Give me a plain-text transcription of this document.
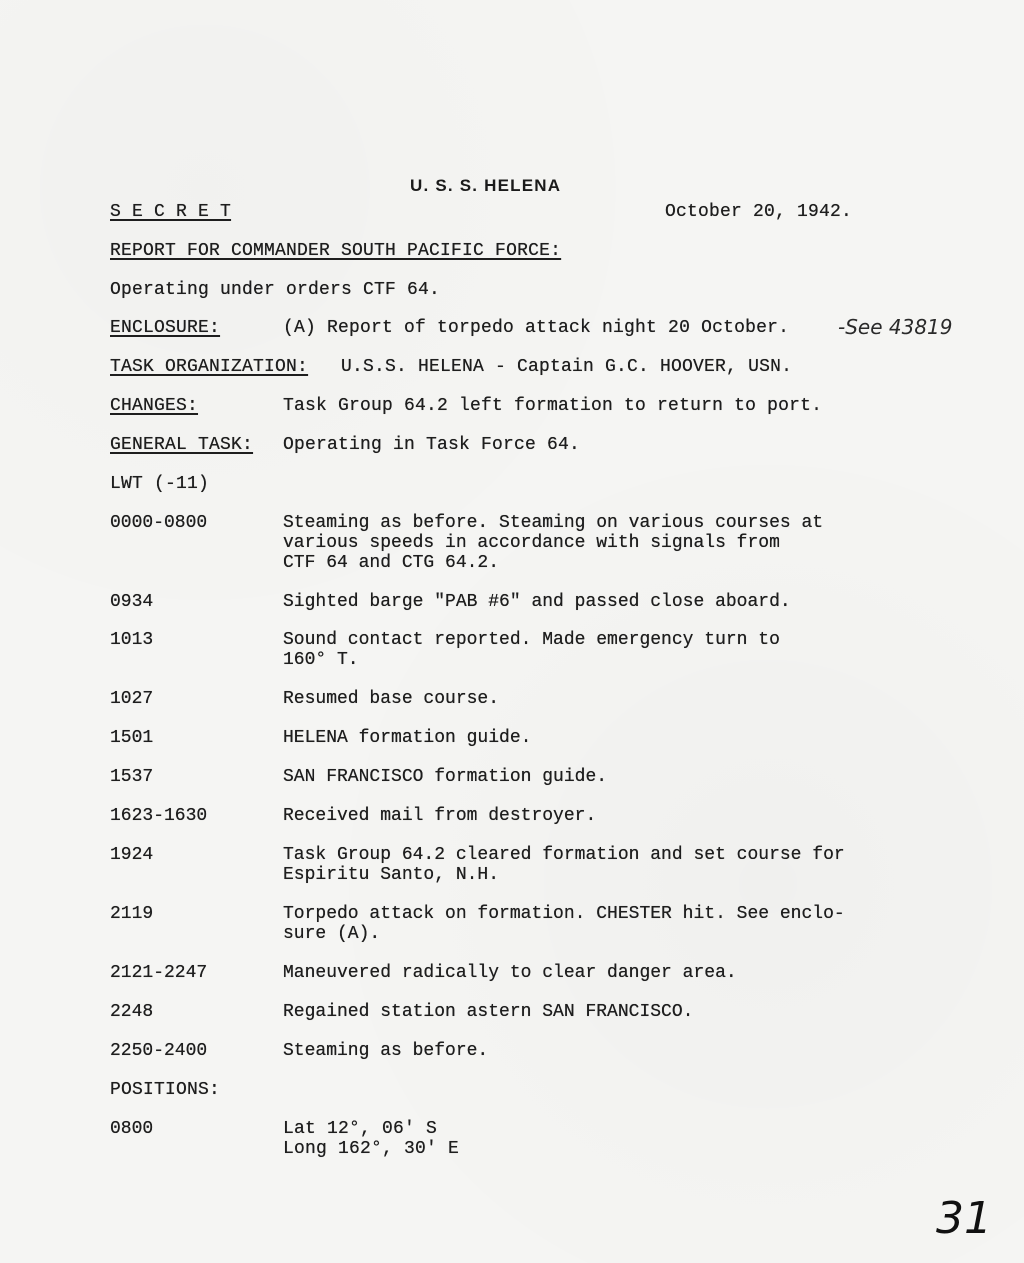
U. S. S. HELENA
S E C R E T	October 20, 1942.
REPORT FOR COMMANDER SOUTH PACIFIC FORCE:
Operating under orders CTF 64.
ENCLOSURE:	(A) Report of torpedo attack night 20 October. -See 43819
TASK ORGANIZATION: U.S.S. HELENA - Captain G.C. HOOVER, USN.
CHANGES:	Task Group 64.2 left formation to return to port.
GENERAL TASK: Operating in Task Force 64.
LWT (-11)
0000-0800	Steaming as before. Steaming on various courses at
various speeds in accordance with signals from
CTF 64 and CTG 64.2.
0934	Sighted barge "PAB #6" and passed close aboard.
1013	Sound contact reported. Made emergency turn to
160° T.
1027	Resumed base course.
1501	HELENA formation guide.
1537	SAN FRANCISCO formation guide.
1623-1630	Received mail from destroyer.
1924	Task Group 64.2 cleared formation and set course for
Espiritu Santo, N.H.
2119	Torpedo attack on formation. CHESTER hit. See enclo-
sure (A).
2121-2247	Maneuvered radically to clear danger area.
2248	Regained station astern SAN FRANCISCO.
2250-2400	Steaming as before.
POSITIONS:
0800	Lat 12°, 06' S
Long 162°, 30' E
31
